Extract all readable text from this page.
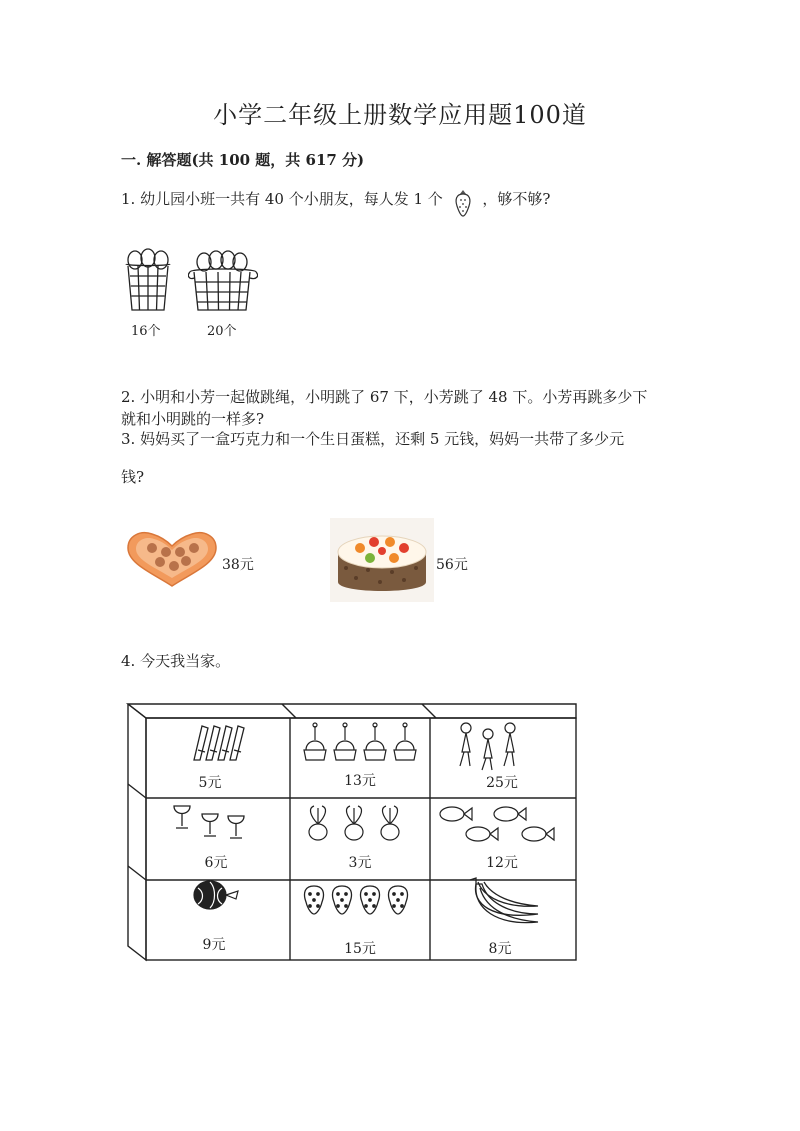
小学二年级上册数学应用题100道
一. 解答题(共 100 题，共 617 分)
1. 幼儿园小班一共有 40 个小朋友，每人发 1 个	，够不够?
16个	20个
2. 小明和小芳一起做跳绳，小明跳了 67 下，小芳跳了 48 下。小芳再跳多少下
就和小明跳的一样多?
3. 妈妈买了一盒巧克力和一个生日蛋糕，还剩 5 元钱，妈妈一共带了多少元
钱?
38元	56元
4. 今天我当家。
5元	13元	25元
6元	3元	12元
9元	15元	8元
